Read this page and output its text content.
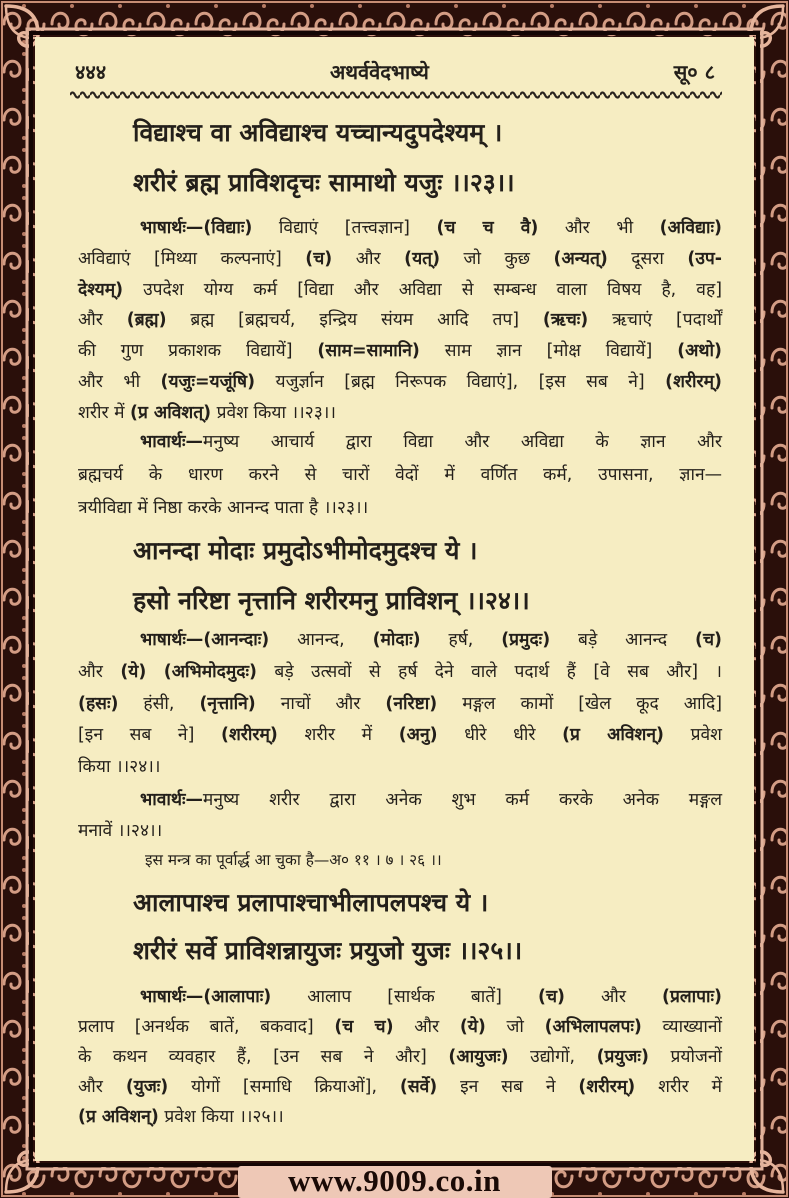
४४४	अथर्ववेदभाष्ये	सू० ८
विद्याश्च वा अविद्याश्च यच्चान्यदुपदेश्यम् ।
शरीरं ब्रह्म प्राविशदृचः सामाथो यजुः ।।२३।।
भाषार्थः—(विद्याः) विद्याएं [तत्त्वज्ञान] (च च वै) और भी (अविद्याः)
अविद्याएं [मिथ्या कल्पनाएं] (च) और (यत्) जो कुछ (अन्यत्) दूसरा (उप-
देश्यम्) उपदेश योग्य कर्म [विद्या और अविद्या से सम्बन्ध वाला विषय है, वह]
और (ब्रह्म) ब्रह्म [ब्रह्मचर्य, इन्द्रिय संयम आदि तप] (ऋचः) ऋचाएं [पदार्थों
की गुण प्रकाशक विद्यायें] (साम=सामानि) साम ज्ञान [मोक्ष विद्यायें] (अथो)
और भी (यजुः=यजूंषि) यजुर्ज्ञान [ब्रह्म निरूपक विद्याएं], [इस सब ने] (शरीरम्)
शरीर में (प्र अविशत्) प्रवेश किया ।।२३।।
भावार्थः—मनुष्य आचार्य द्वारा विद्या और अविद्या के ज्ञान और
ब्रह्मचर्य के धारण करने से चारों वेदों में वर्णित कर्म, उपासना, ज्ञान—
त्रयीविद्या में निष्ठा करके आनन्द पाता है ।।२३।।
आनन्दा मोदाः प्रमुदोऽभीमोदमुदश्च ये ।
हसो नरिष्टा नृत्तानि शरीरमनु प्राविशन् ।।२४।।
भाषार्थः—(आनन्दाः) आनन्द, (मोदाः) हर्ष, (प्रमुदः) बड़े आनन्द (च)
और (ये) (अभिमोदमुदः) बड़े उत्सवों से हर्ष देने वाले पदार्थ हैं [वे सब और] ।
(हसः) हंसी, (नृत्तानि) नाचों और (नरिष्टा) मङ्गल कामों [खेल कूद आदि]
[इन सब ने] (शरीरम्) शरीर में (अनु) धीरे धीरे (प्र अविशन्) प्रवेश
किया ।।२४।।
भावार्थः—मनुष्य शरीर द्वारा अनेक शुभ कर्म करके अनेक मङ्गल
मनावें ।।२४।।
इस मन्त्र का पूर्वार्द्ध आ चुका है—अ० ११ । ७ । २६ ।।
आलापाश्च प्रलापाश्चाभीलापलपश्च ये ।
शरीरं सर्वे प्राविशन्नायुजः प्रयुजो युजः ।।२५।।
भाषार्थः—(आलापाः) आलाप [सार्थक बातें] (च) और (प्रलापाः)
प्रलाप [अनर्थक बातें, बकवाद] (च च) और (ये) जो (अभिलापलपः) व्याख्यानों
के कथन व्यवहार हैं, [उन सब ने और] (आयुजः) उद्योगों, (प्रयुजः) प्रयोजनों
और (युजः) योगों [समाधि क्रियाओं], (सर्वे) इन सब ने (शरीरम्) शरीर में
(प्र अविशन्) प्रवेश किया ।।२५।।
www.9009.co.in
